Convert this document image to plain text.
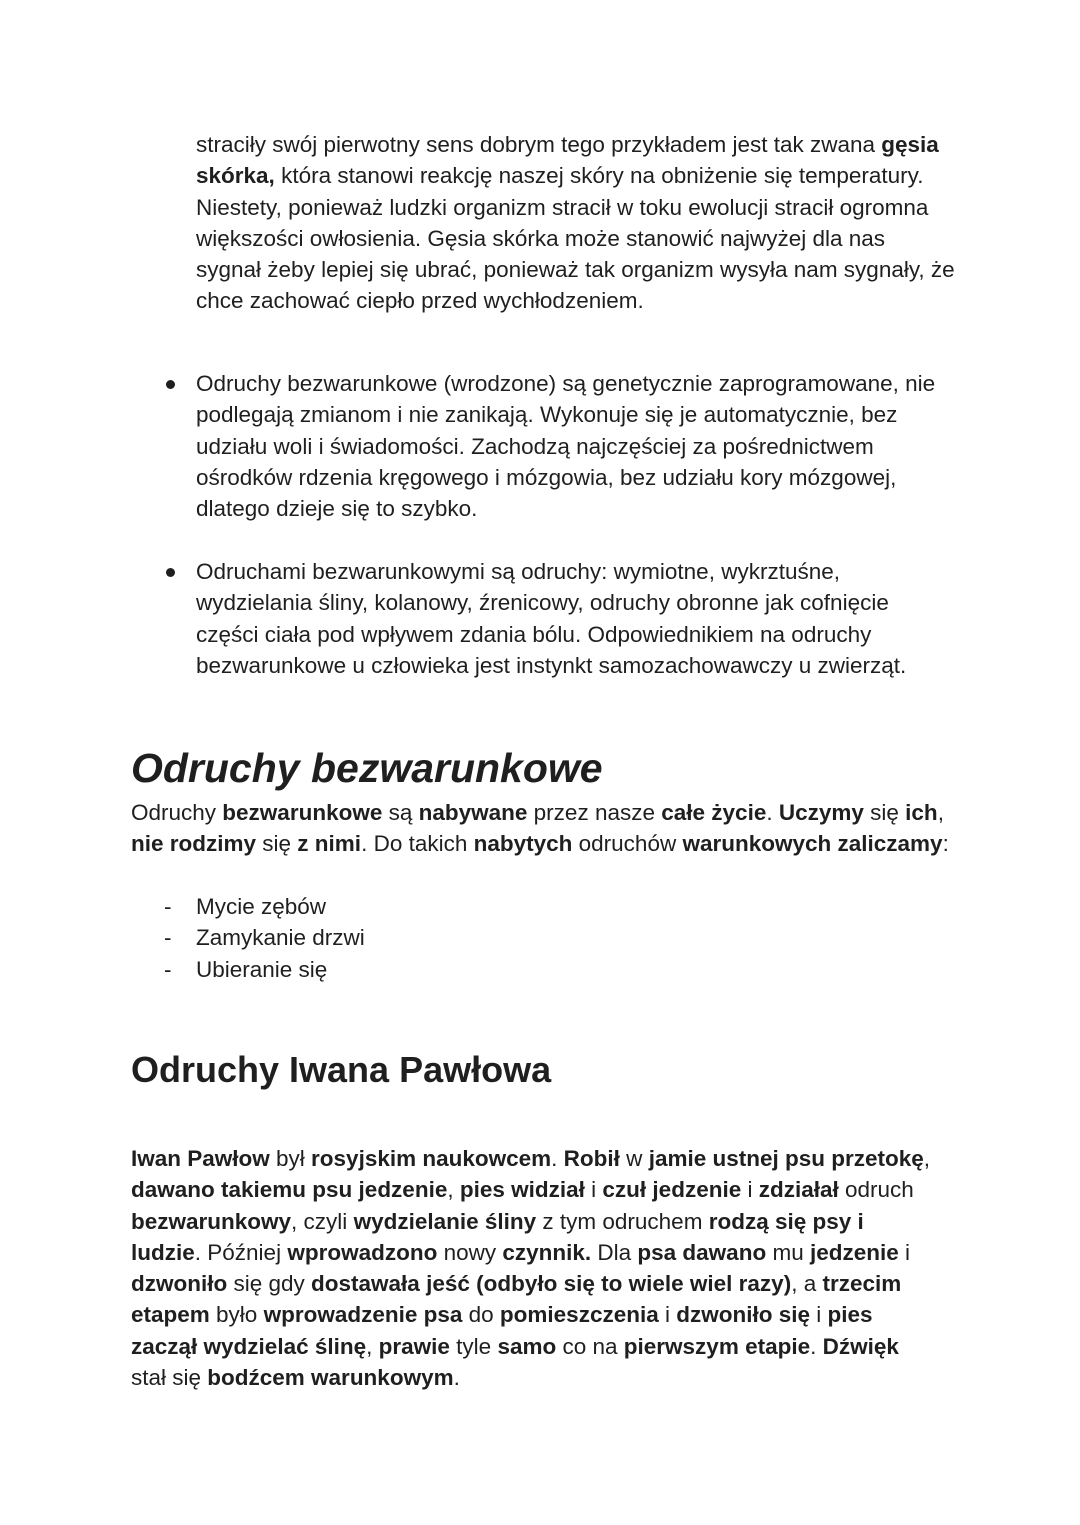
straciły swój pierwotny sens dobrym tego przykładem jest tak zwana gęsia skórka, która stanowi reakcję naszej skóry na obniżenie się temperatury. Niestety, ponieważ ludzki organizm stracił w toku ewolucji stracił ogromna większości owłosienia. Gęsia skórka może stanowić najwyżej dla nas sygnał żeby lepiej się ubrać, ponieważ tak organizm wysyła nam sygnały, że chce zachować ciepło przed wychłodzeniem.

Odruchy bezwarunkowe (wrodzone) są genetycznie zaprogramowane, nie podlegają zmianom i nie zanikają. Wykonuje się je automatycznie, bez udziału woli i świadomości. Zachodzą najczęściej za pośrednictwem ośrodków rdzenia kręgowego i mózgowia, bez udziału kory mózgowej, dlatego dzieje się to szybko.
Odruchami bezwarunkowymi są odruchy: wymiotne, wykrztuśne, wydzielania śliny, kolanowy, źrenicowy, odruchy obronne jak cofnięcie części ciała pod wpływem zdania bólu. Odpowiednikiem na odruchy bezwarunkowe u człowieka jest instynkt samozachowawczy u zwierząt.
Odruchy bezwarunkowe

Odruchy bezwarunkowe są nabywane przez nasze całe życie. Uczymy się ich, nie rodzimy się z nimi. Do takich nabytych odruchów warunkowych zaliczamy:

- Mycie zębów
- Zamykanie drzwi
- Ubieranie się
Odruchy Iwana Pawłowa

Iwan Pawłow był rosyjskim naukowcem. Robił w jamie ustnej psu przetokę, dawano takiemu psu jedzenie, pies widział i czuł jedzenie i zdziałał odruch bezwarunkowy, czyli wydzielanie śliny z tym odruchem rodzą się psy i ludzie. Później wprowadzono nowy czynnik. Dla psa dawano mu jedzenie i dzwoniło się gdy dostawała jeść (odbyło się to wiele wiel razy), a trzecim etapem było wprowadzenie psa do pomieszczenia i dzwoniło się i pies zaczął wydzielać ślinę, prawie tyle samo co na pierwszym etapie. Dźwięk stał się bodźcem warunkowym.
